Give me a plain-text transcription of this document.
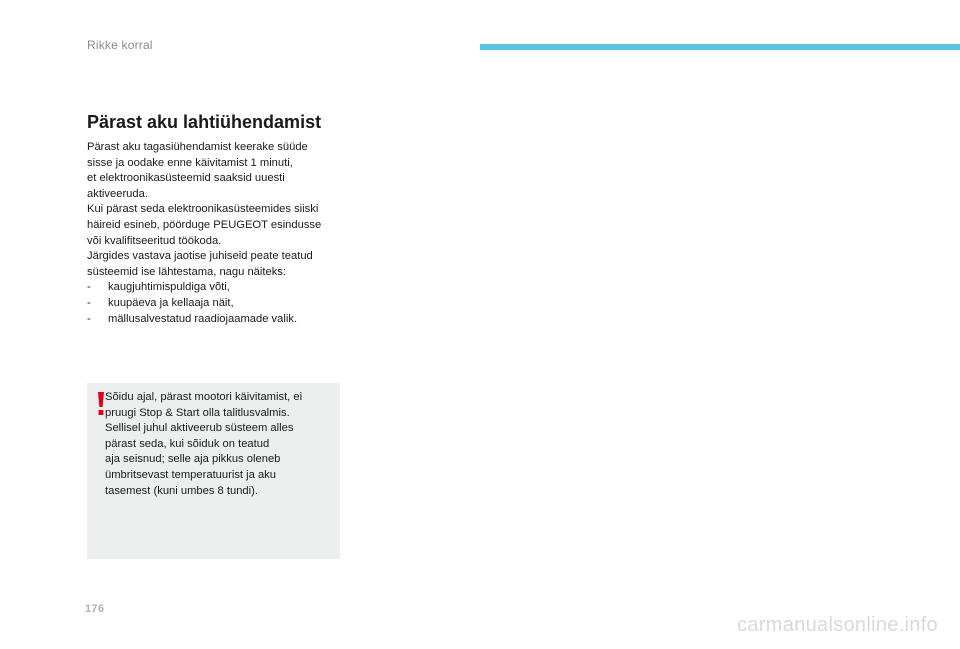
Rikke korral
Pärast aku lahtiühendamist

Pärast aku tagasiühendamist keerake süüde

sisse ja oodake enne käivitamist 1 minuti,

et elektroonikasüsteemid saaksid uuesti

aktiveeruda.

Kui pärast seda elektroonikasüsteemides siiski

häireid esineb, pöörduge PEUGEOT esindusse

või kvalifitseeritud töökoda.

Järgides vastava jaotise juhiseid peate teatud

süsteemid ise lähtestama, nagu näiteks:

-	kaugjuhtimispuldiga võti,
-	kuupäeva ja kellaaja näit,
-	mällusalvestatud raadiojaamade valik.
Sõidu ajal, pärast mootori käivitamist, ei
pruugi Stop & Start olla talitlusvalmis.
Sellisel juhul aktiveerub süsteem alles
pärast seda, kui sõiduk on teatud
aja seisnud; selle aja pikkus oleneb
ümbritsevast temperatuurist ja aku
tasemest (kuni umbes 8 tundi).
176
carmanualsonline.info
